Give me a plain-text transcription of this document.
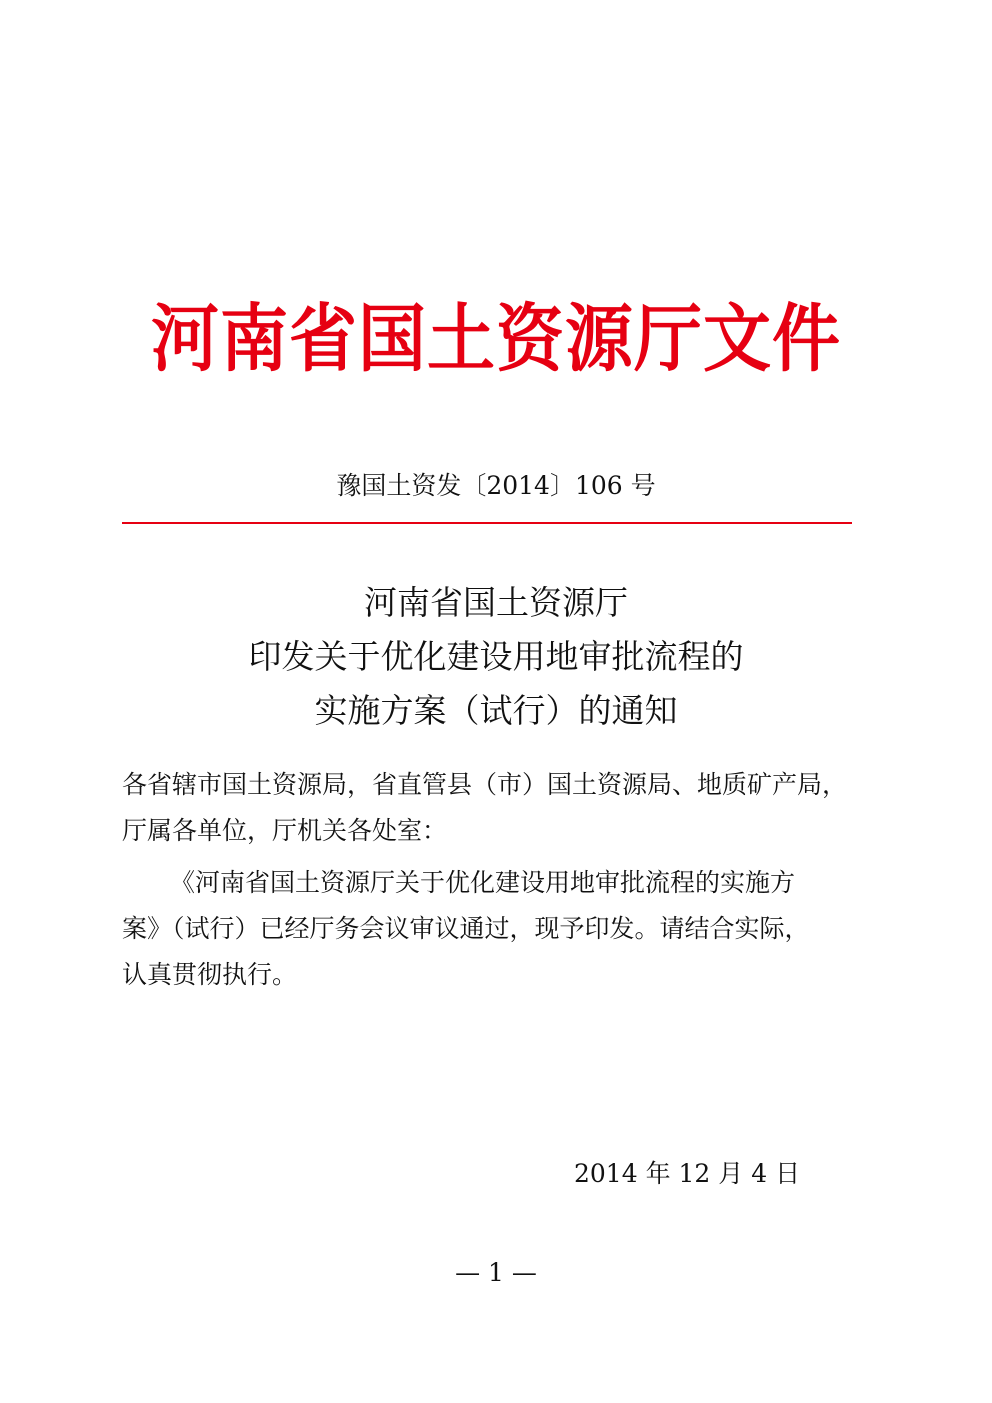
河南省国土资源厅文件
豫国土资发〔2014〕106 号
河南省国土资源厅
印发关于优化建设用地审批流程的
实施方案（试行）的通知
各省辖市国土资源局，省直管县（市）国土资源局、地质矿产局，
厅属各单位，厅机关各处室：
《河南省国土资源厅关于优化建设用地审批流程的实施方
案》（试行）已经厅务会议审议通过，现予印发。请结合实际，
认真贯彻执行。
2014 年 12 月 4 日
— 1 —
